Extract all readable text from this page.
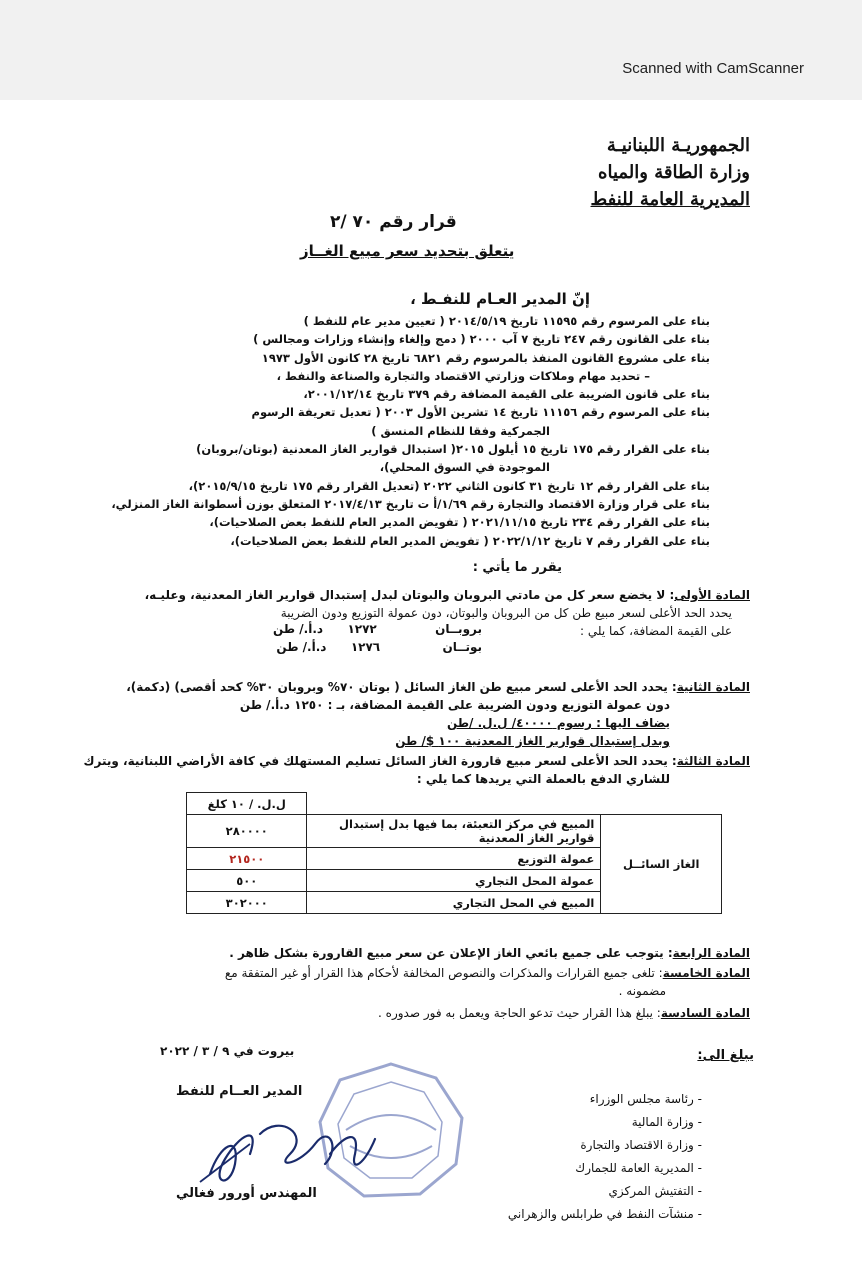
Scanned with CamScanner
الجمهوريـة اللبنانيـة
وزارة الطاقة والمياه
المديرية العامة للنفط
قرار رقم ٧٠ /٢
يتعلق بتحديد سعر مبيع الغــاز
إنّ المدير العـام للنفـط ،
بناء على المرسوم رقم ١١٥٩٥ تاريخ ٢٠١٤/٥/١٩ ( تعيين مدير عام للنفط )
بناء على القانون رقم ٢٤٧ تاريخ ٧ آب ٢٠٠٠ ( دمج وإلغاء وإنشاء وزارات ومجالس )
بناء على مشروع القانون المنفذ بالمرسوم رقم ٦٨٢١ تاريخ ٢٨ كانون الأول ١٩٧٣
– تحديد مهام وملاكات وزارتي الاقتصاد والتجارة والصناعة والنفط ،
بناء على قانون الضريبة على القيمة المضافة رقم ٣٧٩ تاريخ ٢٠٠١/١٢/١٤،
بناء على المرسوم رقم ١١١٥٦ تاريخ ١٤ تشرين الأول ٢٠٠٣ ( تعديل تعريفة الرسوم
الجمركية وفقا للنظام المنسق )
بناء على القرار رقم ١٧٥ تاريخ ١٥ أيلول ٢٠١٥( استبدال قوارير الغاز المعدنية (بوتان/بروبان)
الموجودة في السوق المحلي)،
بناء على القرار رقم ١٢ تاريخ ٣١ كانون الثاني ٢٠٢٢ (تعديل القرار رقم ١٧٥ تاريخ ٢٠١٥/٩/١٥)،
بناء على قرار وزارة الاقتصاد والتجارة رقم ١/٦٩/أ ت تاريخ ٢٠١٧/٤/١٣ المتعلق بوزن أسطوانة الغاز المنزلي،
بناء على القرار رقم ٢٣٤ تاريخ ٢٠٢١/١١/١٥ ( تفويض المدير العام للنفط بعض الصلاحيات)،
بناء على القرار رقم ٧ تاريخ ٢٠٢٢/١/١٢ ( تفويض المدير العام للنفط بعض الصلاحيات)،
يقرر ما يأتي :
المادة الأولى: لا يخضع سعر كل من مادتي البروبان والبوتان لبدل إستبدال قوارير الغاز المعدنية، وعليـه،
يحدد الحد الأعلى لسعر مبيع طن كل من البروبان والبوتان، دون عمولة التوزيع ودون الضريبة
على القيمة المضافة، كما يلي :
بروبــان  ١٢٧٢  د.أ./ طن
بوتــان  ١٢٧٦  د.أ./ طن
المادة الثانية: يحدد الحد الأعلى لسعر مبيع طن الغاز السائل ( بوتان ٧٠% وبروبان ٣٠% كحد أقصى) (دكمة)،
دون عمولة التوزيع ودون الضريبة على القيمة المضافة، بـ : ١٢٥٠ د.أ./ طن
يضاف اليها : رسوم ٤٠٠٠٠/ ل.ل. /طن
وبدل إستبدال قوارير الغاز المعدنية ١٠٠ $/ طن
المادة الثالثة: يحدد الحد الأعلى لسعر مبيع قارورة الغاز السائل تسليم المستهلك في كافة الأراضي اللبنانية، ويترك
للشاري الدفع بالعملة التي يريدها كما يلي :
		ل.ل. / ١٠ كلغ
الغاز السائــل	المبيع في مركز التعبئة، بما فيها بدل إستبدال قوارير الغاز المعدنية	٢٨٠٠٠٠
	عمولة التوزيع	٢١٥٠٠
	عمولة المحل التجاري	٥٠٠
	المبيع في المحل التجاري	٣٠٢٠٠٠
المادة الرابعة: يتوجب على جميع بائعي الغاز الإعلان عن سعر مبيع القارورة بشكل ظاهر .
المادة الخامسة: تلغى جميع القرارات والمذكرات والنصوص المخالفة لأحكام هذا القرار أو غير المتفقة مع
مضمونه .
المادة السادسة: يبلغ هذا القرار حيث تدعو الحاجة ويعمل به فور صدوره .
بيروت في ٩ / ٣ / ٢٠٢٢	يبلغ الى:
- رئاسة مجلس الوزراء
- وزارة المالية
- وزارة الاقتصاد والتجارة
- المديرية العامة للجمارك
- التفتيش المركزي
- منشآت النفط في طرابلس والزهراني
المدير العــام للنفط
المهندس أورور فغالي
